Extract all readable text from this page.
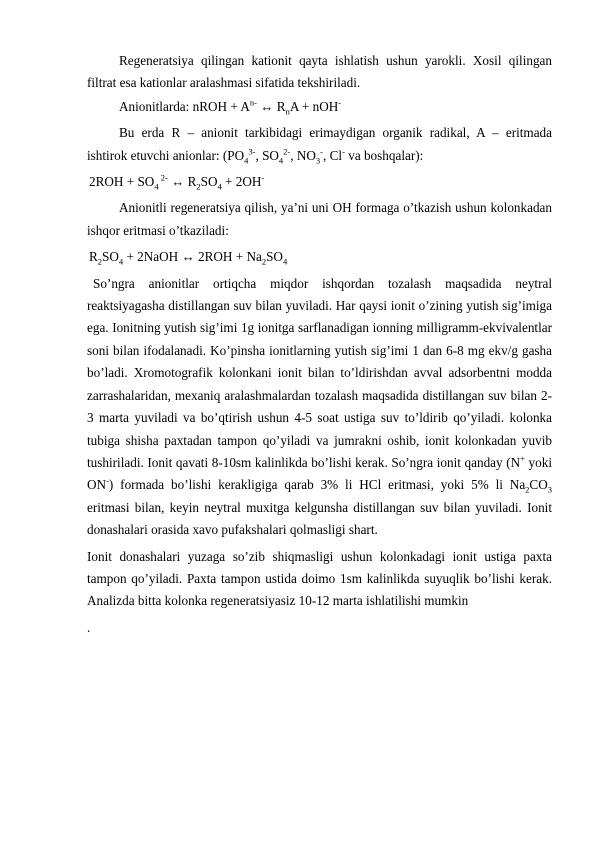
Regeneratsiya qilingan kationit qayta ishlatish ushun yarokli. Xosil qilingan filtrat esa kationlar aralashmasi sifatida tekshiriladi.

Anionitlarda: nROH + $A^{n-}$ ↔ $R_nA + nOH^-$

Bu erda R – anionit tarkibidagi erimaydigan organik radikal, A – eritmada ishtirok etuvchi anionlar: ($PO_4^{3-}$, $SO_4^{2-}$, $NO_3^-$, Cl- va boshqalar):

$2ROH + SO_4$ $^{2-}$ ↔ $R_2SO_4 + 2OH^-$

Anionitli regeneratsiya qilish, ya’ni uni OH formaga o’tkazish ushun kolonkadan ishqor eritmasi o’tkaziladi:

$R_2SO_4$ + 2NaOH ↔ $2ROH + Na_2SO_4$

So’ngra anionitlar ortiqcha miqdor ishqordan tozalash maqsadida neytral reaktsiyagasha distillangan suv bilan yuviladi. Har qaysi ionit o’zining yutish sig’imiga ega. Ionitning yutish sig’imi 1g ionitga sarflanadigan ionning milligramm-ekvivalentlar soni bilan ifodalanadi. Ko’pinsha ionitlarning yutish sig’imi 1 dan 6-8 mg ekv/g gasha bo’ladi. Xromotografik kolonkani ionit bilan to’ldirishdan avval adsorbentni modda zarrashalaridan, mexaniq aralashmalardan tozalash maqsadida distillangan suv bilan 2-3 marta yuviladi va bo’qtirish ushun 4-5 soat ustiga suv to’ldirib qo’yiladi. kolonka tubiga shisha paxtadan tampon qo’yiladi va jumrakni oshib, ionit kolonkadan yuvib tushiriladi. Ionit qavati 8-10sm kalinlikda bo’lishi kerak. So’ngra ionit qanday (N+ yoki ON-) formada bo’lishi kerakligiga qarab 3% li HCl eritmasi, yoki 5% li $Na_2CO_3$ eritmasi bilan, keyin neytral muxitga kelgunsha distillangan suv bilan yuviladi. Ionit donashalari orasida xavo pufakshalari qolmasligi shart.

Ionit donashalari yuzaga so’zib shiqmasligi ushun kolonkadagi ionit ustiga paxta tampon qo’yiladi. Paxta tampon ustida doimo 1sm kalinlikda suyuqlik bo’lishi kerak. Analizda bitta kolonka regeneratsiyasiz 10-12 marta ishlatilishi mumkin

.
